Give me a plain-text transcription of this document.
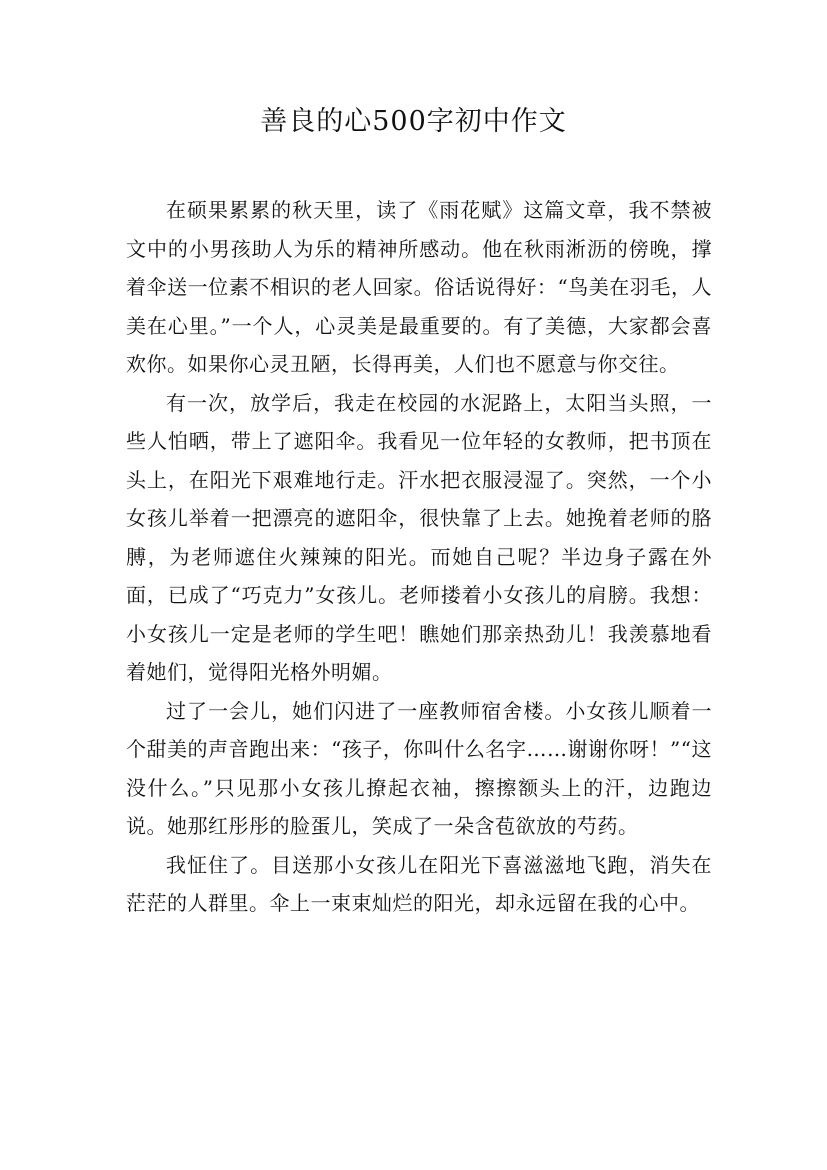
善良的心500字初中作文

在硕果累累的秋天里，读了《雨花赋》这篇文章，我不禁被文中的小男孩助人为乐的精神所感动。他在秋雨淅沥的傍晚，撑着伞送一位素不相识的老人回家。俗话说得好：“鸟美在羽毛，人美在心里。”一个人，心灵美是最重要的。有了美德，大家都会喜欢你。如果你心灵丑陋，长得再美，人们也不愿意与你交往。

有一次，放学后，我走在校园的水泥路上，太阳当头照，一些人怕晒，带上了遮阳伞。我看见一位年轻的女教师，把书顶在头上，在阳光下艰难地行走。汗水把衣服浸湿了。突然，一个小女孩儿举着一把漂亮的遮阳伞，很快靠了上去。她挽着老师的胳膊，为老师遮住火辣辣的阳光。而她自己呢？半边身子露在外面，已成了“巧克力”女孩儿。老师搂着小女孩儿的肩膀。我想：小女孩儿一定是老师的学生吧！瞧她们那亲热劲儿！我羡慕地看着她们，觉得阳光格外明媚。

过了一会儿，她们闪进了一座教师宿舍楼。小女孩儿顺着一个甜美的声音跑出来：“孩子，你叫什么名字……谢谢你呀！”“这没什么。”只见那小女孩儿撩起衣袖，擦擦额头上的汗，边跑边说。她那红彤彤的脸蛋儿，笑成了一朵含苞欲放的芍药。

我怔住了。目送那小女孩儿在阳光下喜滋滋地飞跑，消失在茫茫的人群里。伞上一束束灿烂的阳光，却永远留在我的心中。
